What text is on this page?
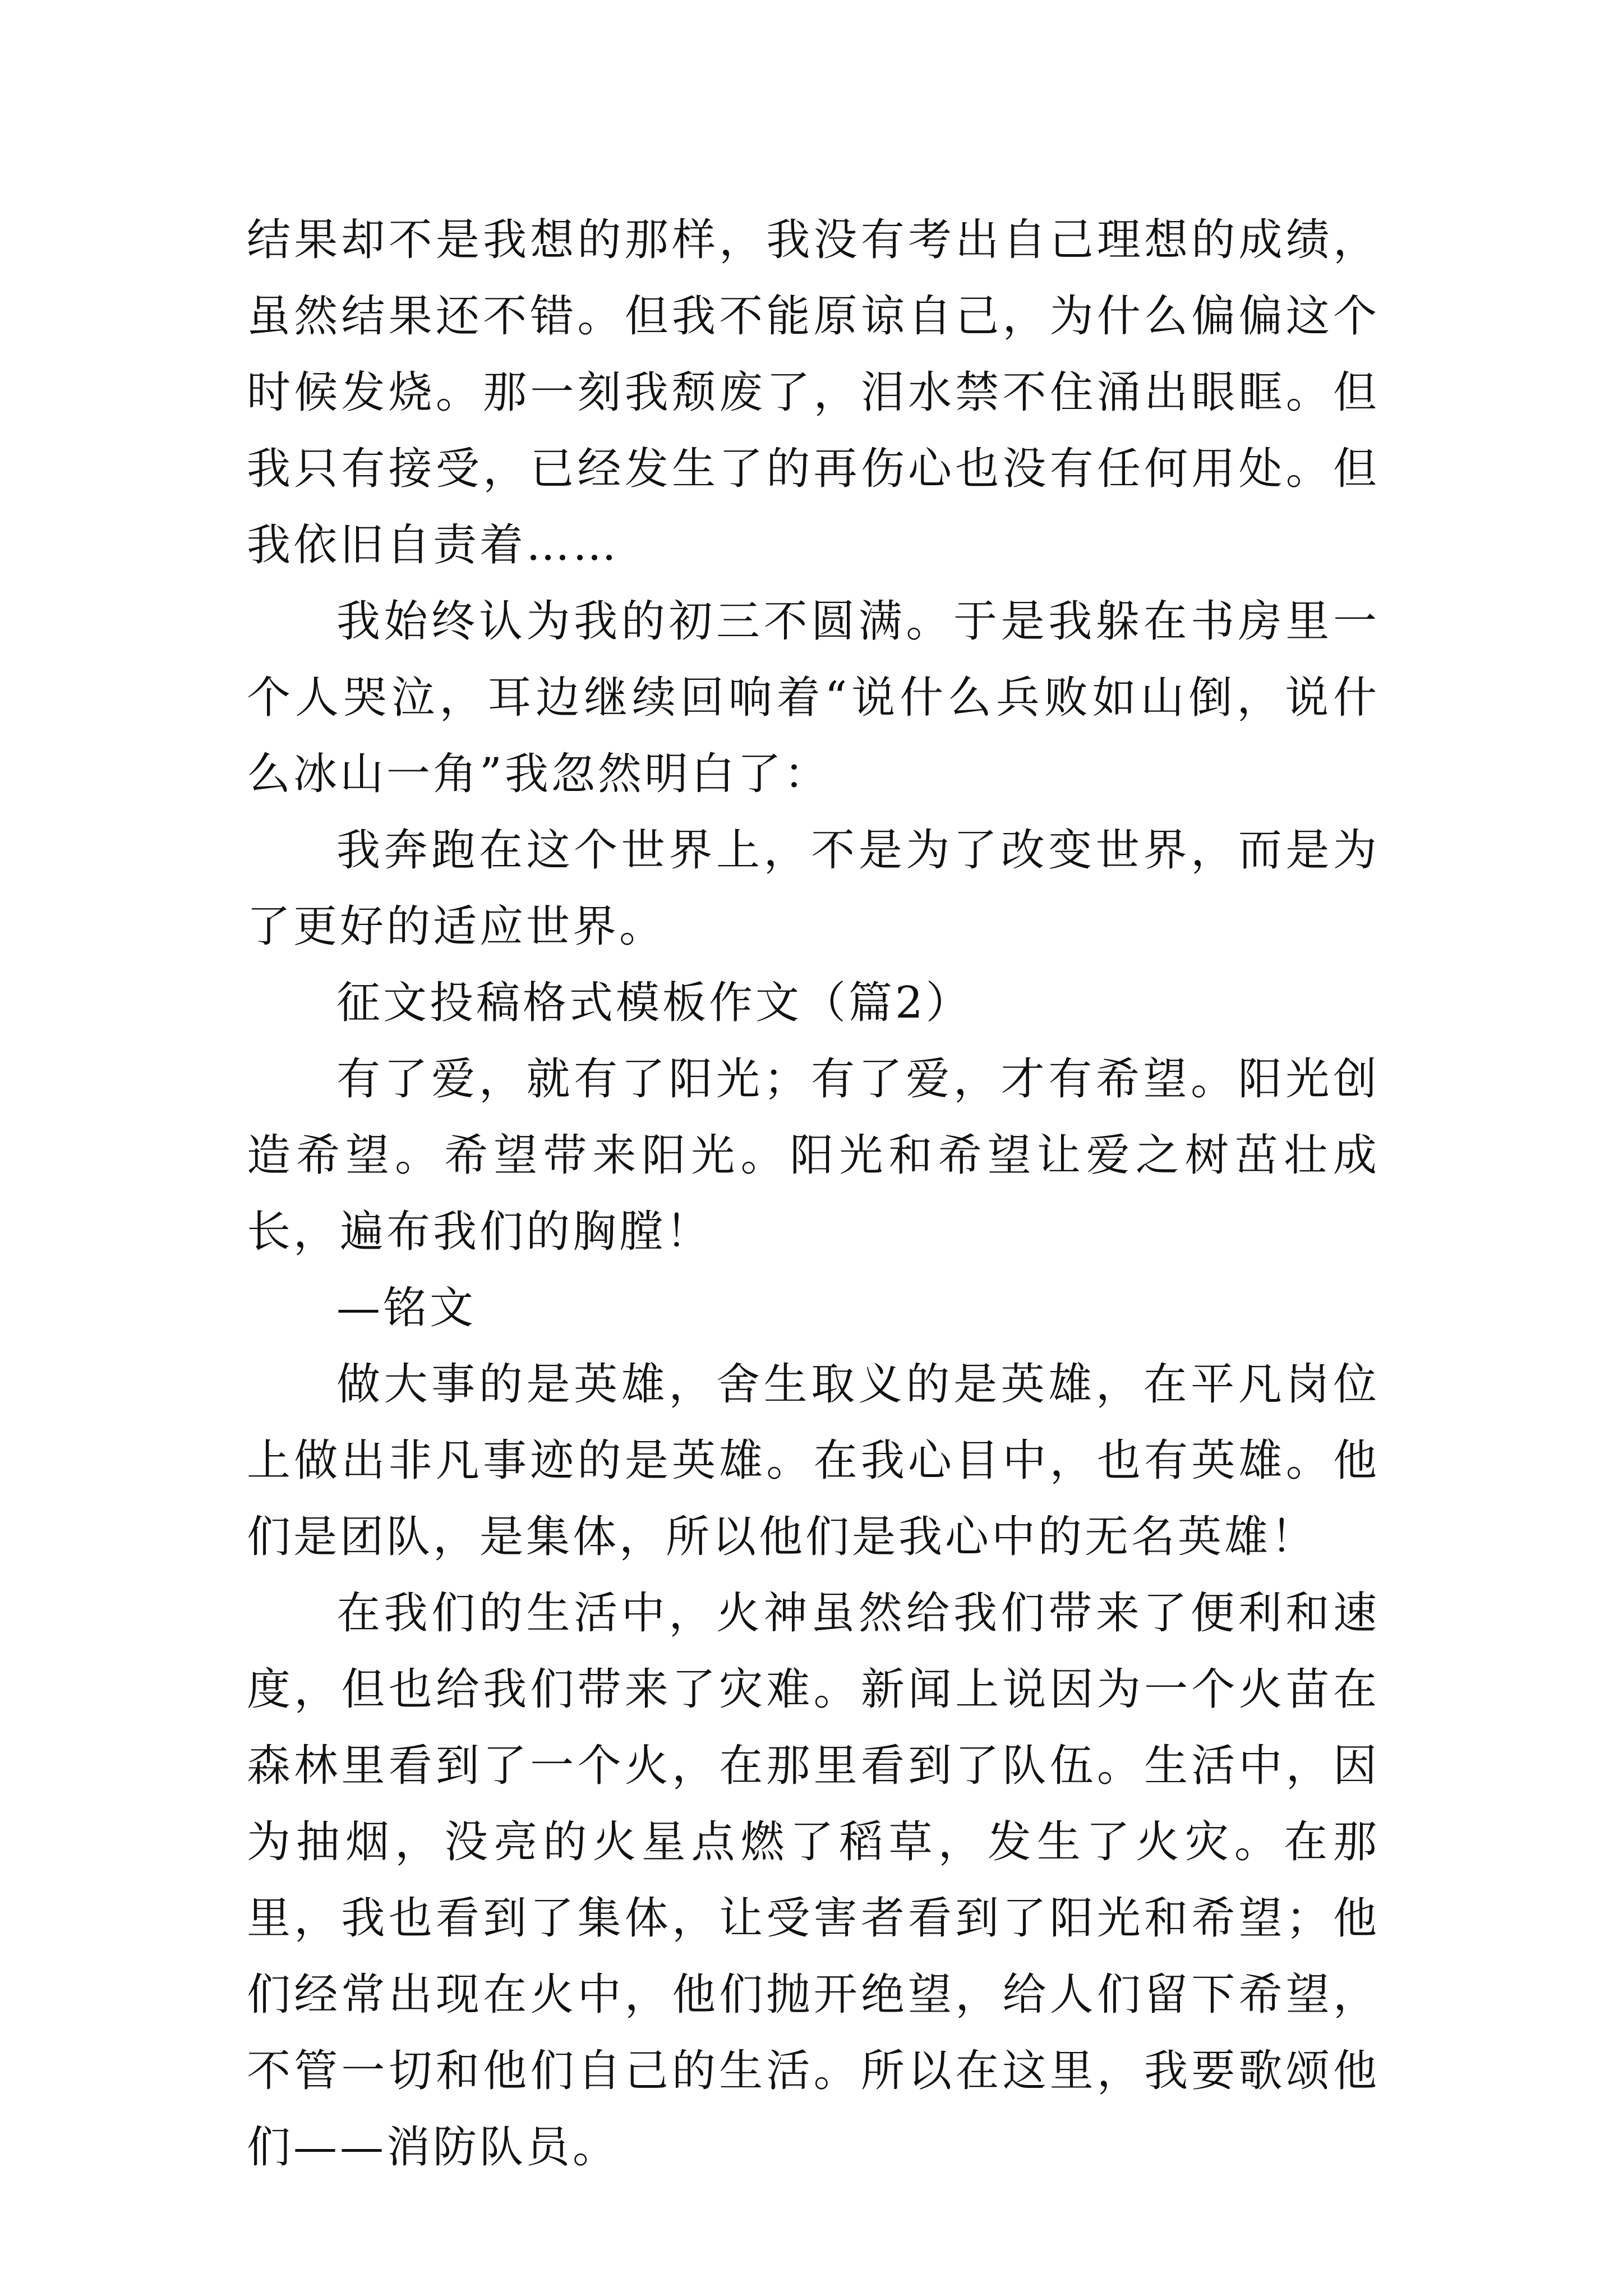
结果却不是我想的那样，我没有考出自己理想的成绩，虽然结果还不错。但我不能原谅自己，为什么偏偏这个时候发烧。那一刻我颓废了，泪水禁不住涌出眼眶。但我只有接受，已经发生了的再伤心也没有任何用处。但我依旧自责着……

我始终认为我的初三不圆满。于是我躲在书房里一个人哭泣，耳边继续回响着“说什么兵败如山倒，说什么冰山一角”我忽然明白了：

我奔跑在这个世界上，不是为了改变世界，而是为了更好的适应世界。

征文投稿格式模板作文（篇2）

有了爱，就有了阳光；有了爱，才有希望。阳光创造希望。希望带来阳光。阳光和希望让爱之树茁壮成长，遍布我们的胸膛！

—铭文

做大事的是英雄，舍生取义的是英雄，在平凡岗位上做出非凡事迹的是英雄。在我心目中，也有英雄。他们是团队，是集体，所以他们是我心中的无名英雄！

在我们的生活中，火神虽然给我们带来了便利和速度，但也给我们带来了灾难。新闻上说因为一个火苗在森林里看到了一个火，在那里看到了队伍。生活中，因为抽烟，没亮的火星点燃了稻草，发生了火灾。在那里，我也看到了集体，让受害者看到了阳光和希望；他们经常出现在火中，他们抛开绝望，给人们留下希望，不管一切和他们自己的生活。所以在这里，我要歌颂他们——消防队员。
